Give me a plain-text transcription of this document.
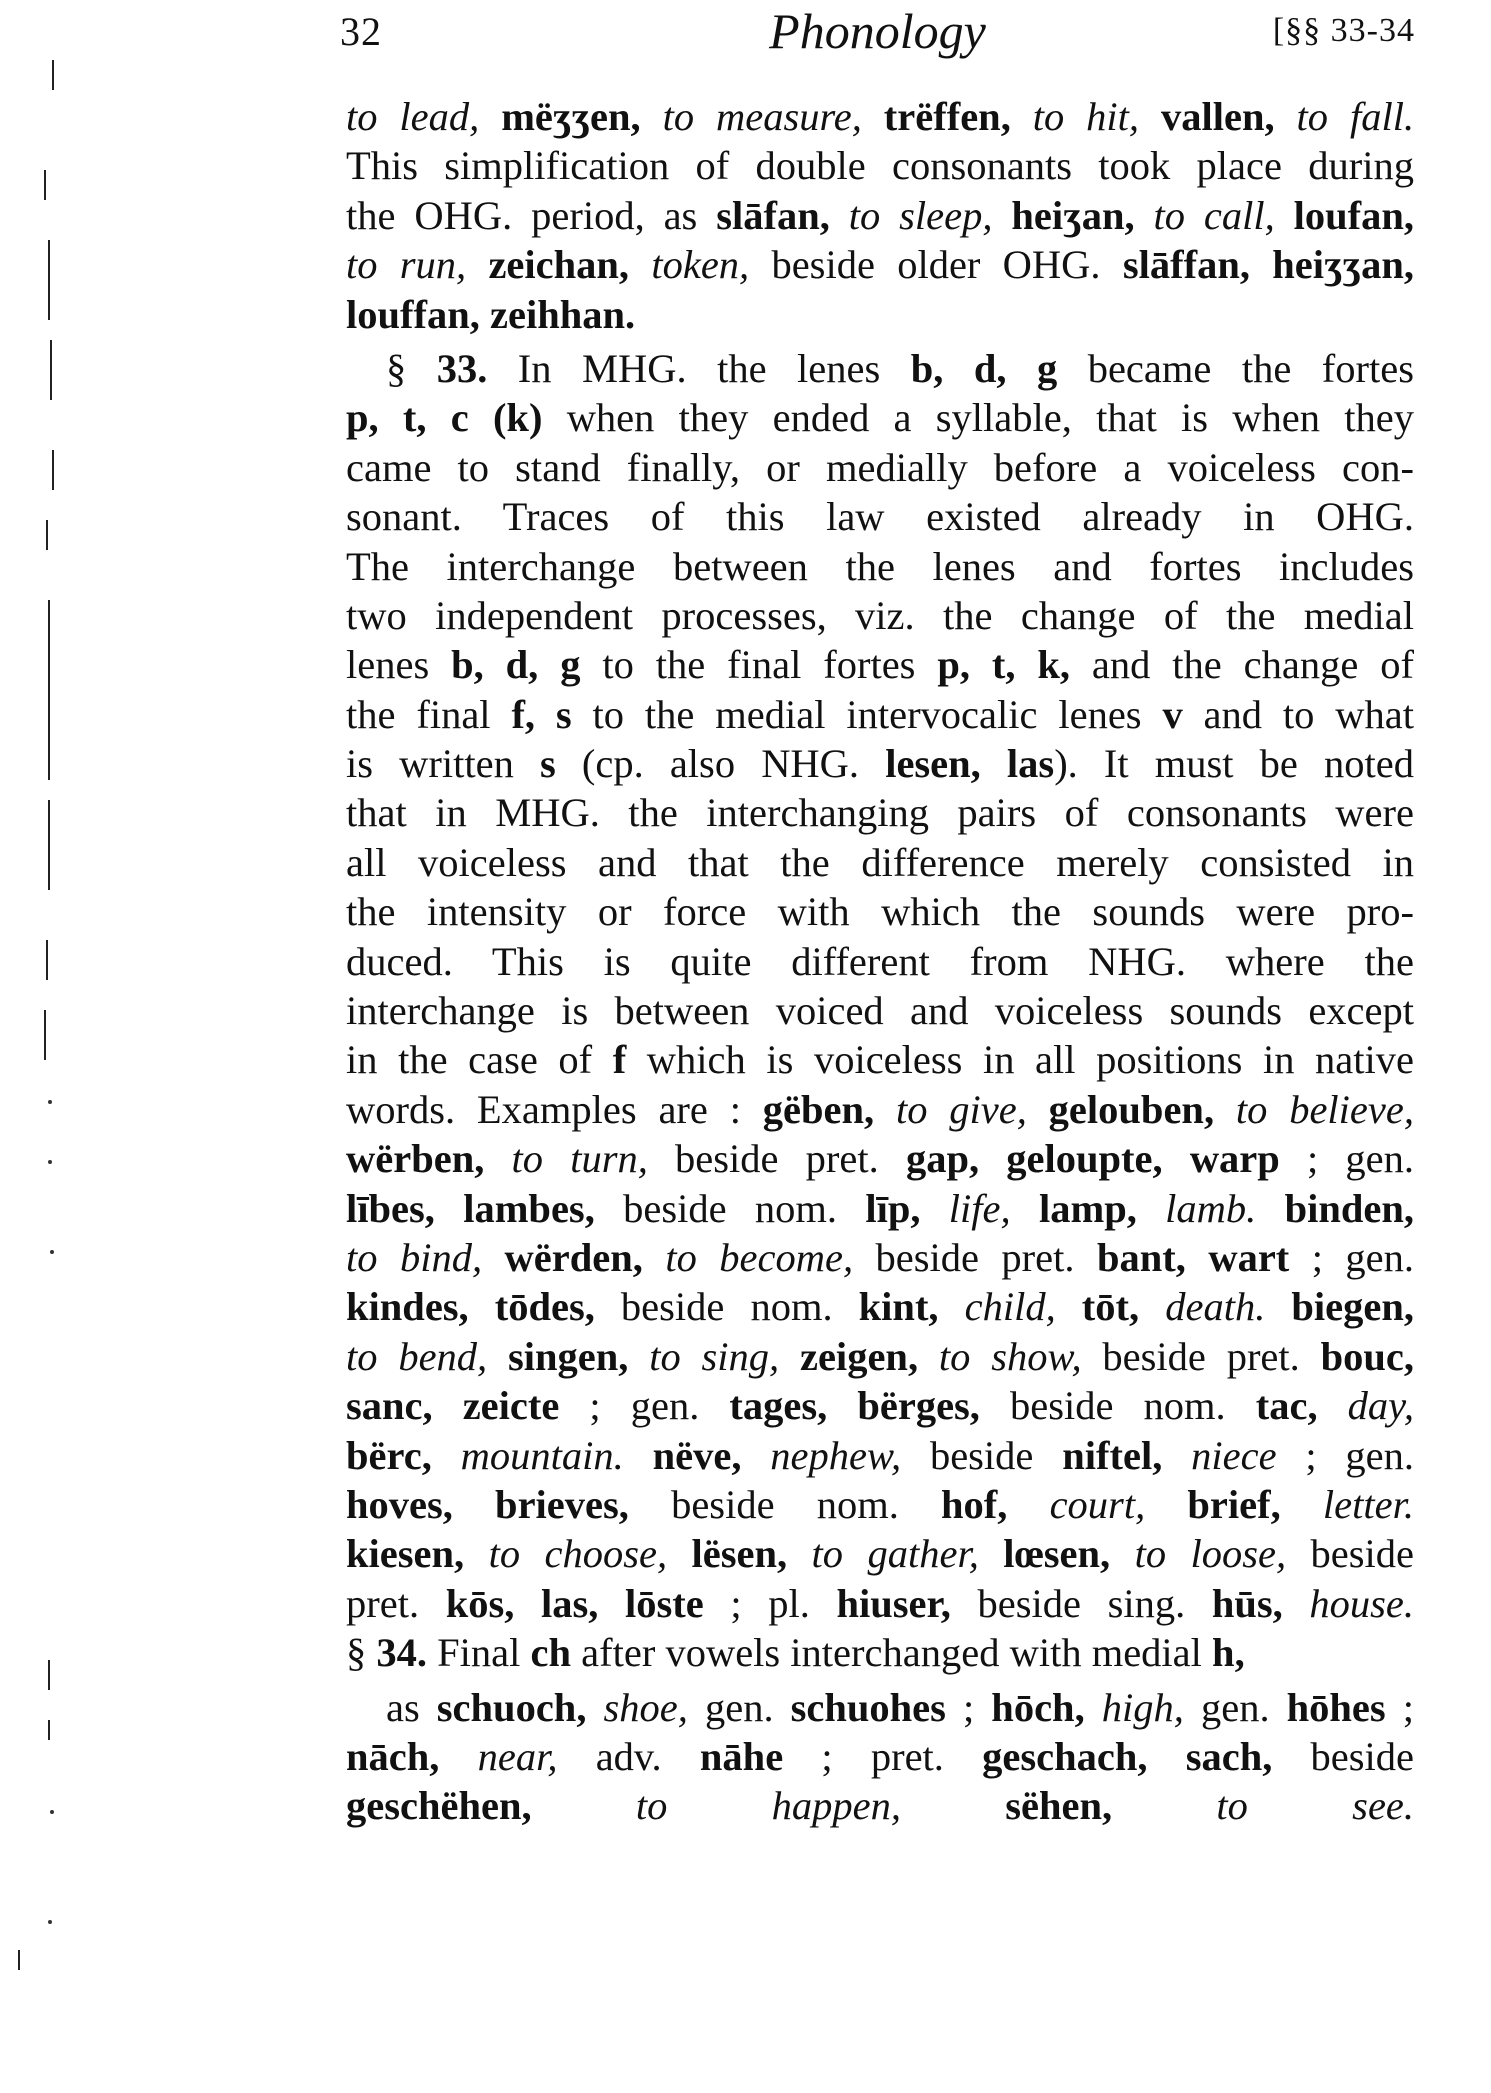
32	Phonology	[§§ 33-34
to lead, mëʒʒen, to measure, trëffen, to hit, vallen, to fall.
This simplification of double consonants took place during
the OHG. period, as slāfan, to sleep, heiʒan, to call, loufan,
to run, zeichan, token, beside older OHG. slāffan, heiʒʒan,
louffan, zeihhan.
§ 33. In MHG. the lenes b, d, g became the fortes
p, t, c (k) when they ended a syllable, that is when they
came to stand finally, or medially before a voiceless con-
sonant. Traces of this law existed already in OHG.
The interchange between the lenes and fortes includes
two independent processes, viz. the change of the medial
lenes b, d, g to the final fortes p, t, k, and the change of
the final f, s to the medial intervocalic lenes v and to what
is written s (cp. also NHG. lesen, las). It must be noted
that in MHG. the interchanging pairs of consonants were
all voiceless and that the difference merely consisted in
the intensity or force with which the sounds were pro-
duced. This is quite different from NHG. where the
interchange is between voiced and voiceless sounds except
in the case of f which is voiceless in all positions in native
words. Examples are : gëben, to give, gelouben, to believe,
wërben, to turn, beside pret. gap, geloupte, warp ; gen.
lībes, lambes, beside nom. līp, life, lamp, lamb. binden,
to bind, wërden, to become, beside pret. bant, wart ; gen.
kindes, tōdes, beside nom. kint, child, tōt, death. biegen,
to bend, singen, to sing, zeigen, to show, beside pret. bouc,
sanc, zeicte ; gen. tages, bërges, beside nom. tac, day,
bërc, mountain. nëve, nephew, beside niftel, niece ; gen.
hoves, brieves, beside nom. hof, court, brief, letter.
kiesen, to choose, lësen, to gather, lœsen, to loose, beside
pret. kōs, las, lōste ; pl. hiuser, beside sing. hūs, house.
§ 34. Final ch after vowels interchanged with medial h,
as schuoch, shoe, gen. schuohes ; hōch, high, gen. hōhes ;
nāch, near, adv. nāhe ; pret. geschach, sach, beside
geschëhen,	to happen,	sëhen,	to see.
